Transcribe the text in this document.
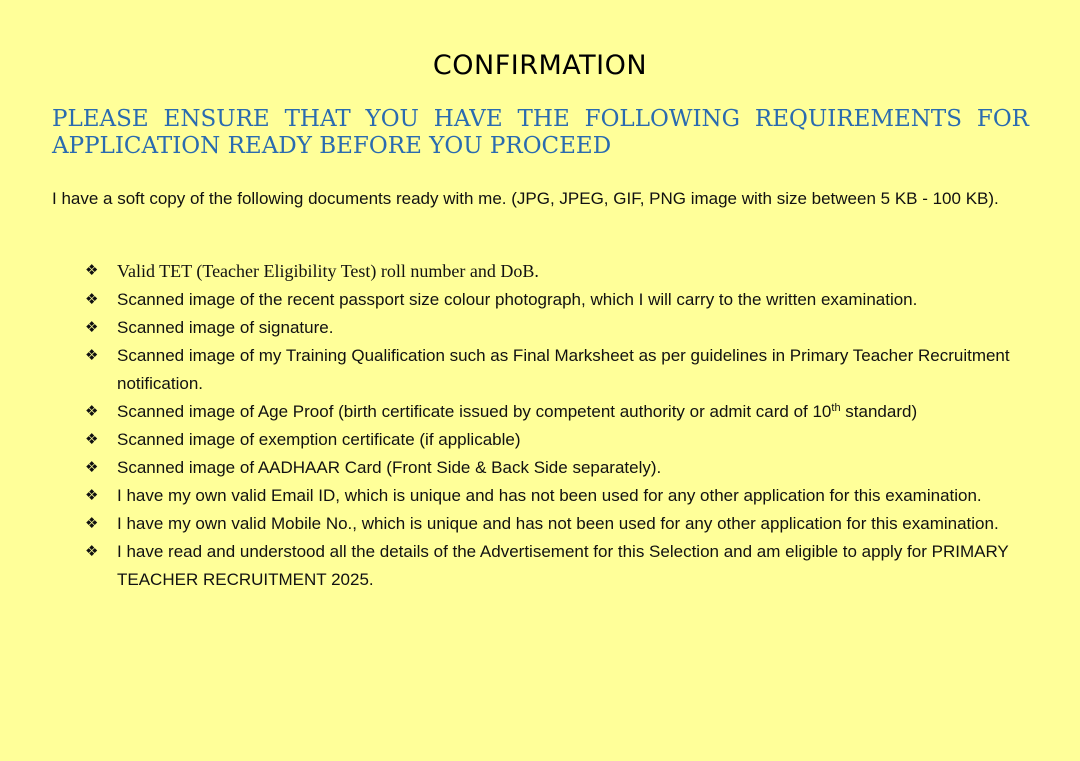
CONFIRMATION
PLEASE ENSURE THAT YOU HAVE THE FOLLOWING REQUIREMENTS FOR APPLICATION READY BEFORE YOU PROCEED
I have a soft copy of the following documents ready with me. (JPG, JPEG, GIF, PNG image with size between 5 KB - 100 KB).
❖ Valid TET (Teacher Eligibility Test) roll number and DoB.
❖ Scanned image of the recent passport size colour photograph, which I will carry to the written examination.
❖ Scanned image of signature.
❖ Scanned image of my Training Qualification such as Final Marksheet as per guidelines in Primary Teacher Recruitment notification.
❖ Scanned image of Age Proof (birth certificate issued by competent authority or admit card of 10th standard)
❖ Scanned image of exemption certificate (if applicable)
❖ Scanned image of AADHAAR Card (Front Side & Back Side separately).
❖ I have my own valid Email ID, which is unique and has not been used for any other application for this examination.
❖ I have my own valid Mobile No., which is unique and has not been used for any other application for this examination.
❖ I have read and understood all the details of the Advertisement for this Selection and am eligible to apply for PRIMARY TEACHER RECRUITMENT 2025.
